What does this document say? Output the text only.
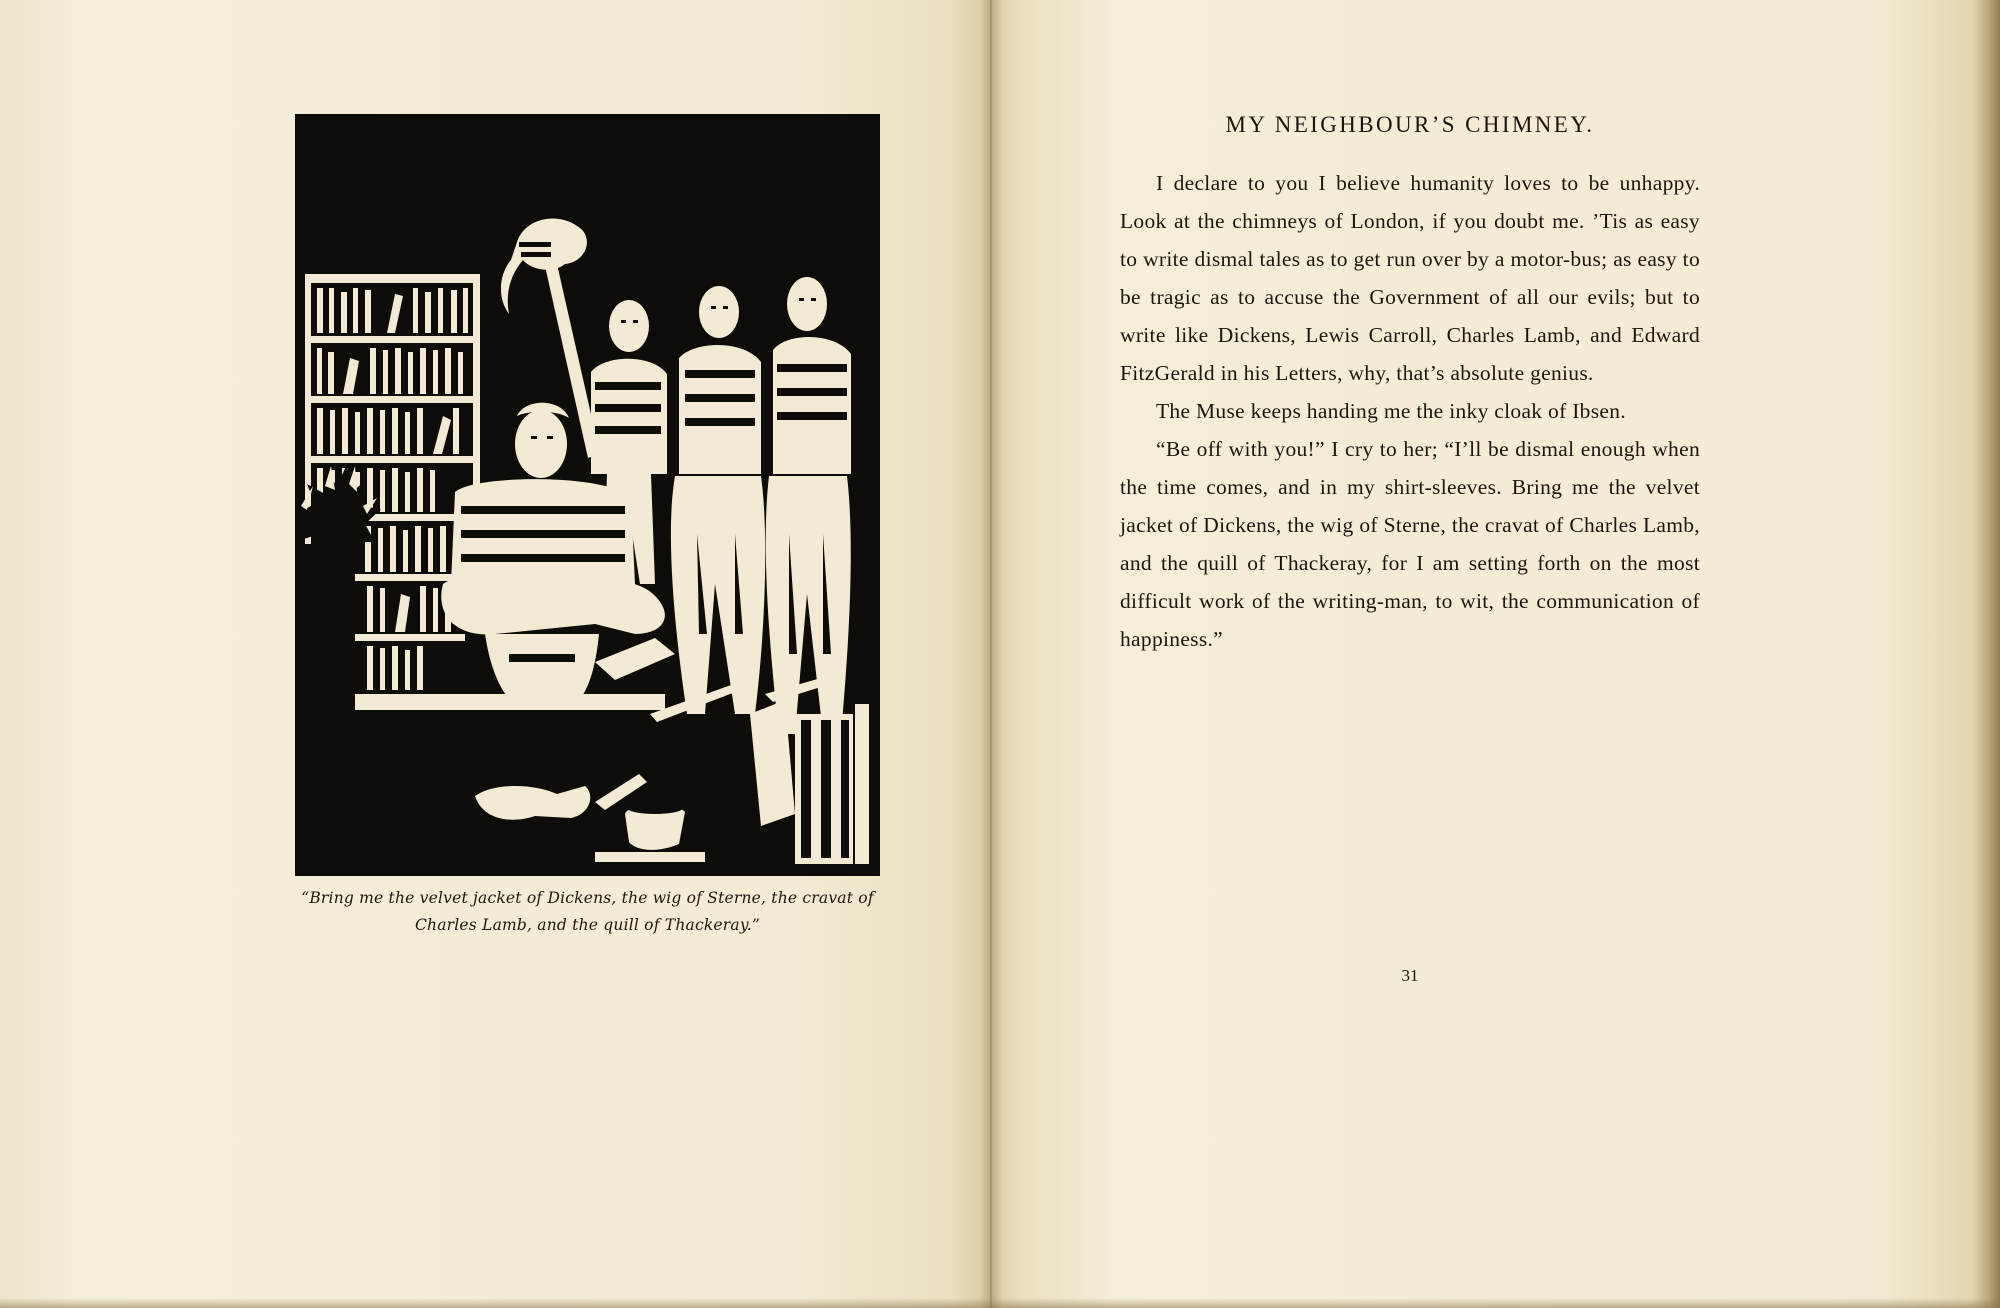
“Bring me the velvet jacket of Dickens, the wig of Sterne, the cravat of Charles Lamb, and the quill of Thackeray.”
MY NEIGHBOUR’S CHIMNEY.

I declare to you I believe humanity loves to be unhappy. Look at the chimneys of London, if you doubt me. ’Tis as easy to write dismal tales as to get run over by a motor-bus; as easy to be tragic as to accuse the Government of all our evils; but to write like Dickens, Lewis Carroll, Charles Lamb, and Edward FitzGerald in his Letters, why, that’s absolute genius.

The Muse keeps handing me the inky cloak of Ibsen.

“Be off with you!” I cry to her; “I’ll be dismal enough when the time comes, and in my shirt-sleeves. Bring me the velvet jacket of Dickens, the wig of Sterne, the cravat of Charles Lamb, and the quill of Thackeray, for I am setting forth on the most difficult work of the writing-man, to wit, the communication of happiness.”

31
